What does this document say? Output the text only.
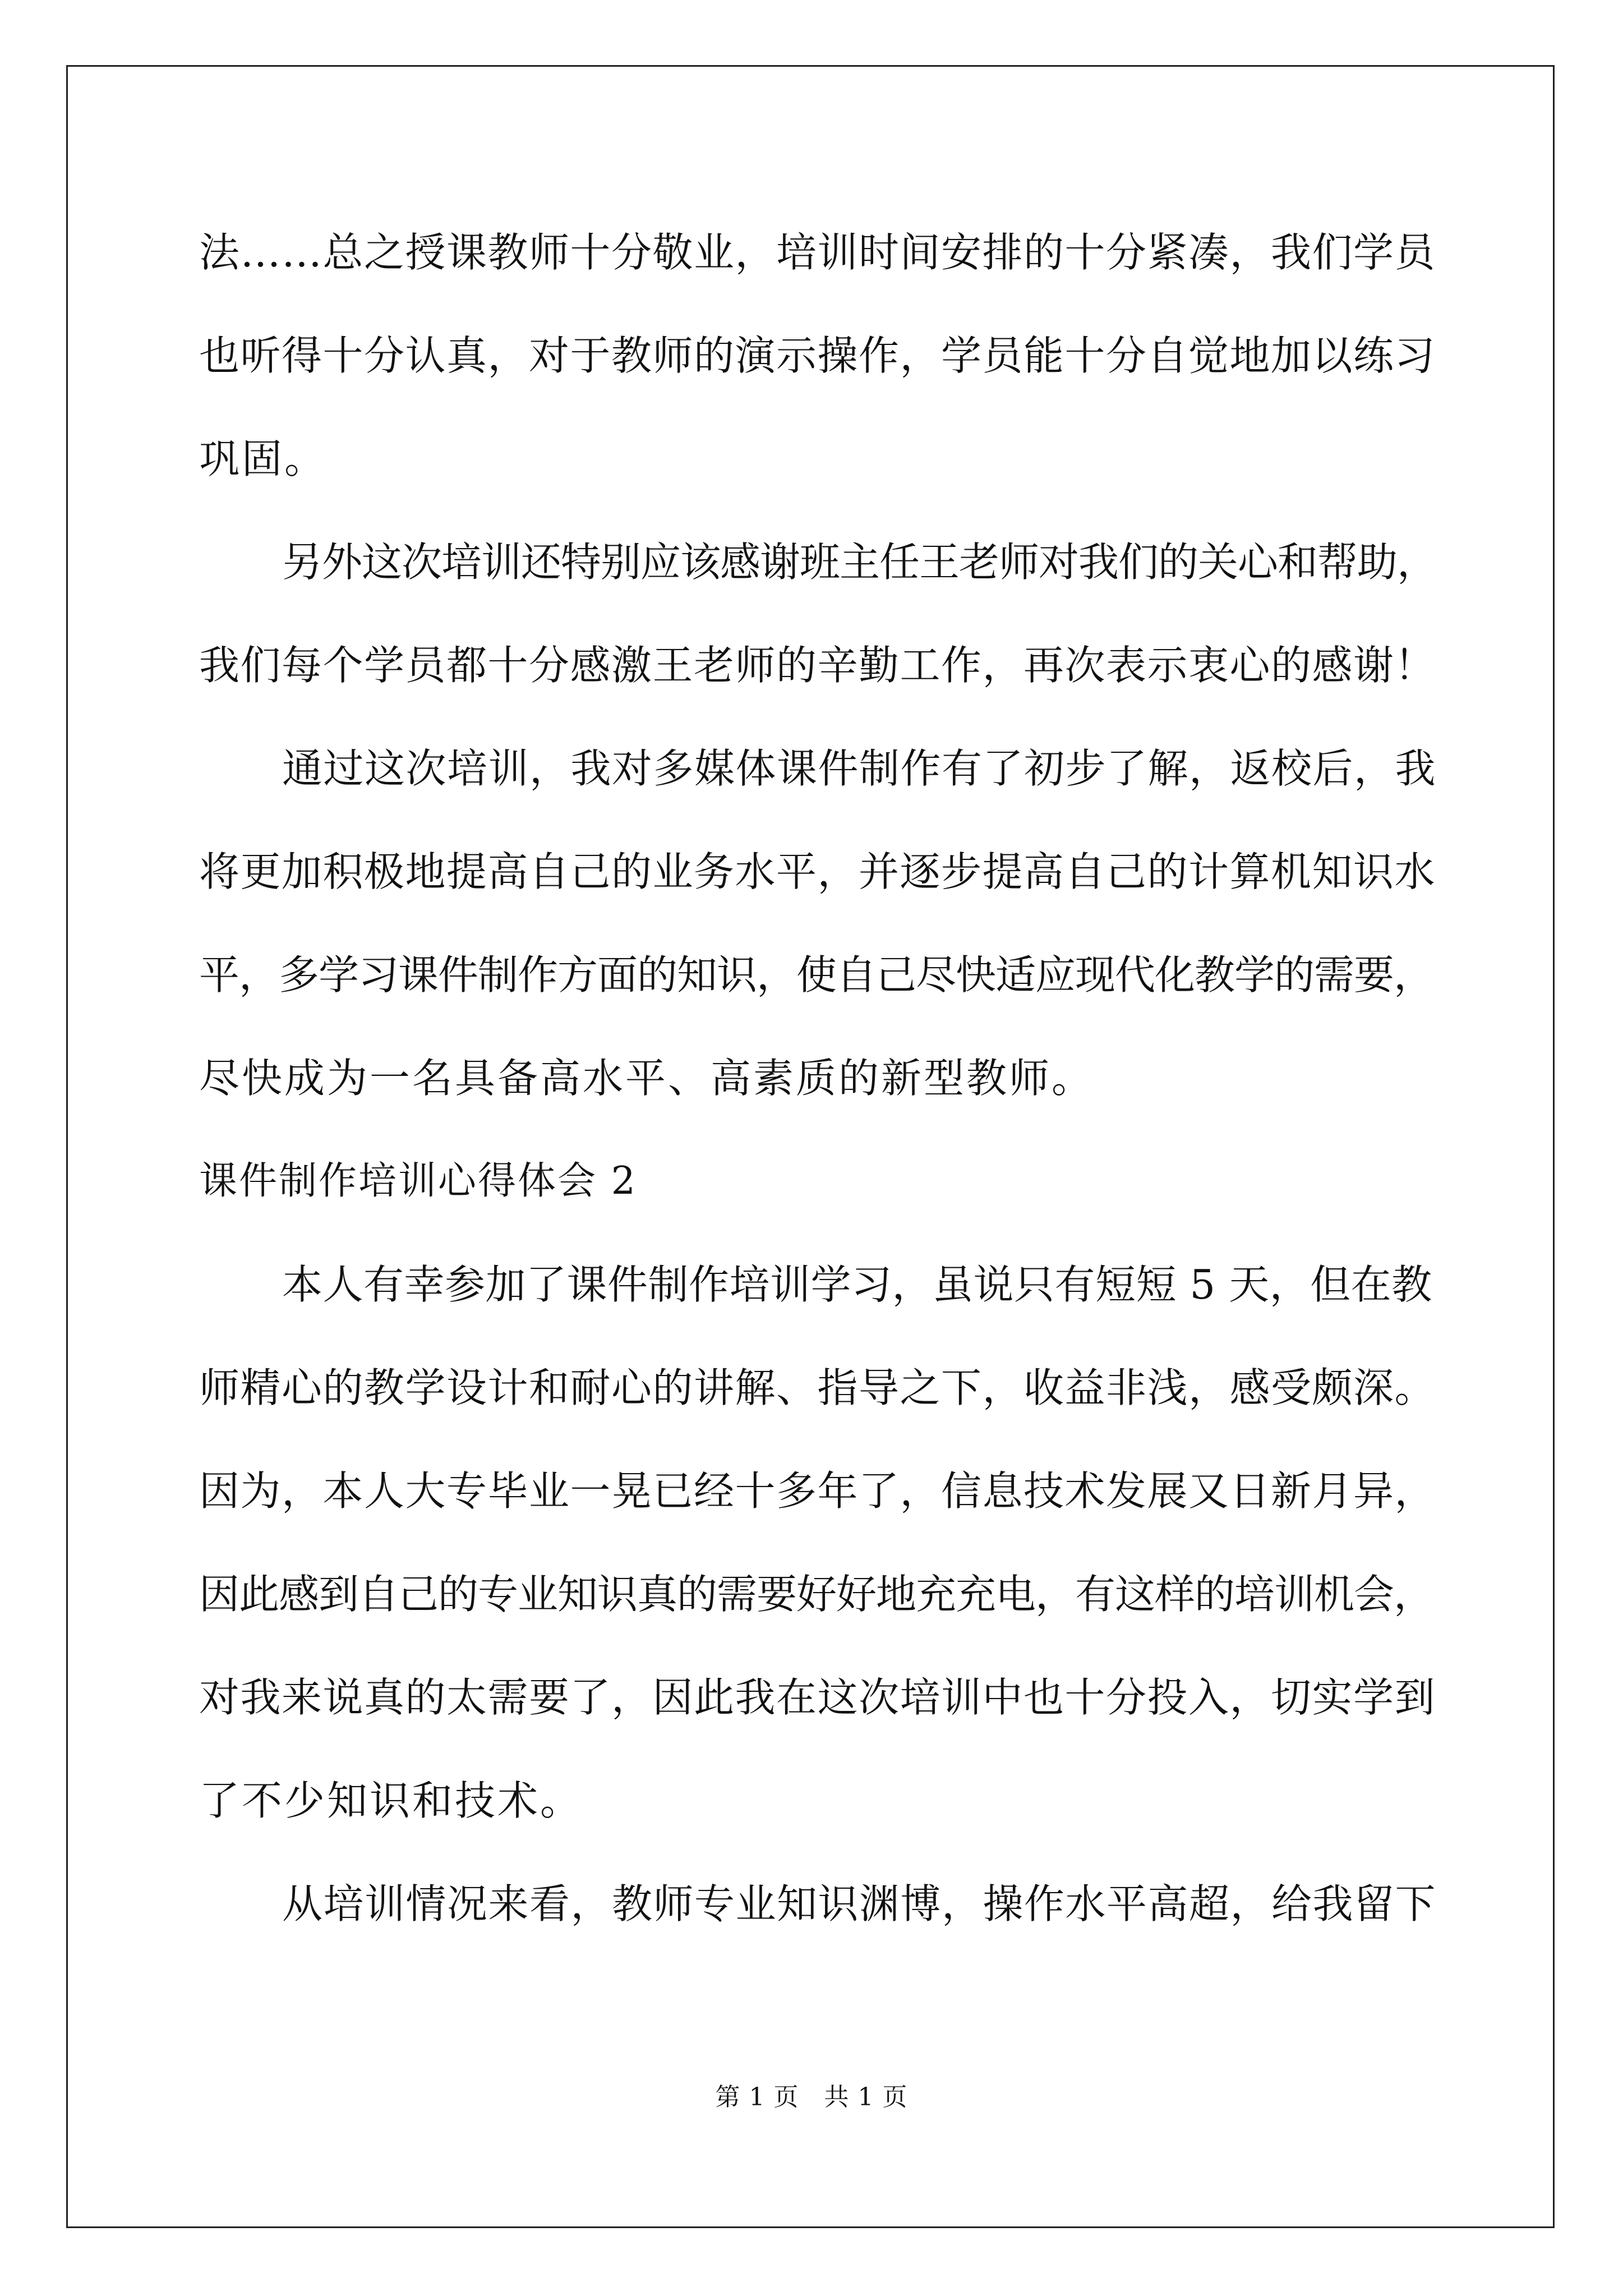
法……总之授课教师十分敬业，培训时间安排的十分紧凑，我们学员
也听得十分认真，对于教师的演示操作，学员能十分自觉地加以练习
巩固。
另外这次培训还特别应该感谢班主任王老师对我们的关心和帮助，
我们每个学员都十分感激王老师的辛勤工作，再次表示衷心的感谢！
通过这次培训，我对多媒体课件制作有了初步了解，返校后，我
将更加积极地提高自己的业务水平，并逐步提高自己的计算机知识水
平，多学习课件制作方面的知识，使自己尽快适应现代化教学的需要，
尽快成为一名具备高水平、高素质的新型教师。
课件制作培训心得体会 2
本人有幸参加了课件制作培训学习，虽说只有短短 5 天，但在教
师精心的教学设计和耐心的讲解、指导之下，收益非浅，感受颇深。
因为，本人大专毕业一晃已经十多年了，信息技术发展又日新月异，
因此感到自己的专业知识真的需要好好地充充电，有这样的培训机会，
对我来说真的太需要了，因此我在这次培训中也十分投入，切实学到
了不少知识和技术。
从培训情况来看，教师专业知识渊博，操作水平高超，给我留下
第 1 页   共 1 页
